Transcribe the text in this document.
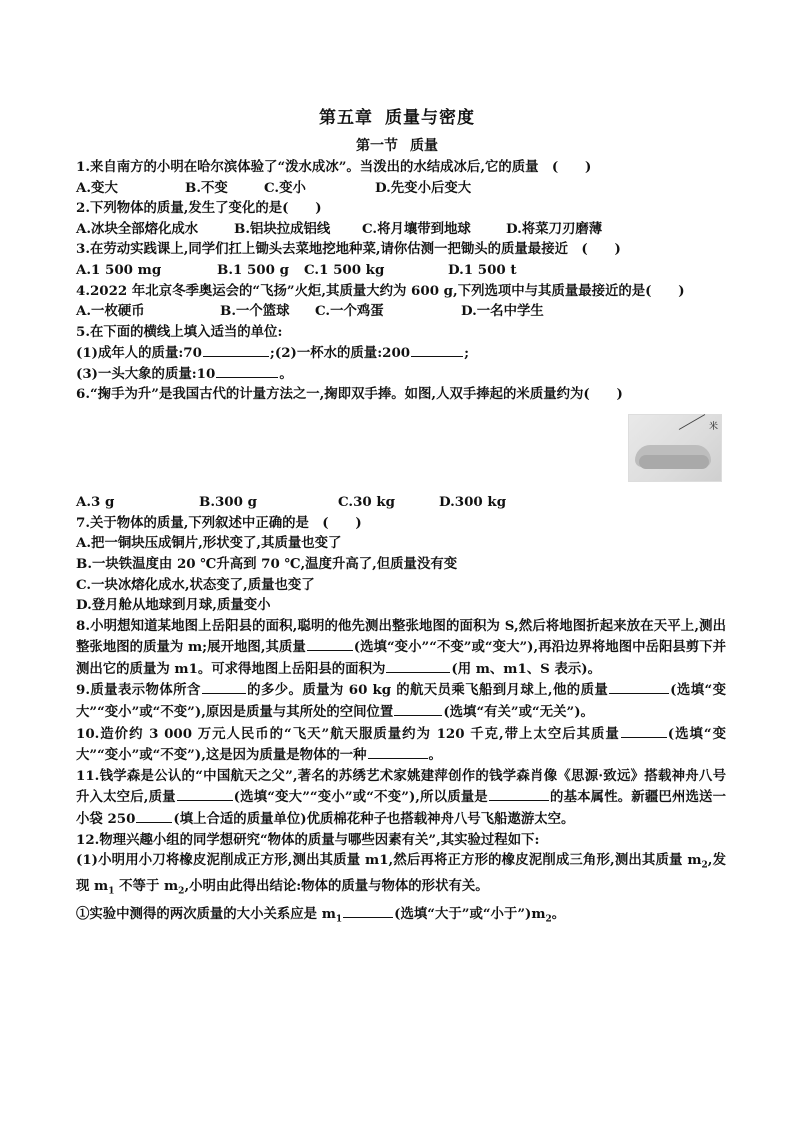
第五章 质量与密度
第一节 质量
1.来自南方的小明在哈尔滨体验了“泼水成冰”。当泼出的水结成冰后,它的质量　(　　)
A.变大	B.不变	C.变小	D.先变小后变大
2.下列物体的质量,发生了变化的是(　　)
A.冰块全部熔化成水	B.铝块拉成铝线 C.将月壤带到地球	D.将菜刀刃磨薄
3.在劳动实践课上,同学们扛上锄头去菜地挖地种菜,请你估测一把锄头的质量最接近　(　　)
A.1 500 mg	B.1 500 g C.1 500 kg	D.1 500 t
4.2022 年北京冬季奥运会的“飞扬”火炬,其质量大约为 600 g,下列选项中与其质量最接近的是(　　)
A.一枚硬币	B.一个篮球 C.一个鸡蛋	D.一名中学生
5.在下面的横线上填入适当的单位:
(1)成年人的质量:70	;(2)一杯水的质量:200	;
(3)一头大象的质量:10	。
6.“掬手为升”是我国古代的计量方法之一,掬即双手捧。如图,人双手捧起的米质量约为(　　)
米
A.3 g	B.300 g	C.30 kg	D.300 kg
7.关于物体的质量,下列叙述中正确的是　(　　)
A.把一铜块压成铜片,形状变了,其质量也变了
B.一块铁温度由 20 ℃升高到 70 ℃,温度升高了,但质量没有变
C.一块冰熔化成水,状态变了,质量也变了
D.登月舱从地球到月球,质量变小
8.小明想知道某地图上岳阳县的面积,聪明的他先测出整张地图的面积为 S,然后将地图折起来放在天平上,测出整张地图的质量为 m;展开地图,其质量	(选填“变小”“不变”或“变大”),再沿边界将地图中岳阳县剪下并测出它的质量为 m1。可求得地图上岳阳县的面积为	(用 m、m1、S 表示)。
9.质量表示物体所含	的多少。质量为 60 kg 的航天员乘飞船到月球上,他的质量	(选填“变大”“变小”或“不变”),原因是质量与其所处的空间位置	(选填“有关”或“无关”)。
10.造价约 3 000 万元人民币的“飞天”航天服质量约为 120 千克,带上太空后其质量	(选填“变大”“变小”或“不变”),这是因为质量是物体的一种	。
11.钱学森是公认的“中国航天之父”,著名的苏绣艺术家姚建萍创作的钱学森肖像《思源·致远》搭载神舟八号升入太空后,质量	(选填“变大”“变小”或“不变”),所以质量是	的基本属性。新疆巴州选送一小袋 250	(填上合适的质量单位)优质棉花种子也搭载神舟八号飞船遨游太空。
12.物理兴趣小组的同学想研究“物体的质量与哪些因素有关”,其实验过程如下:
(1)小明用小刀将橡皮泥削成正方形,测出其质量 m1,然后再将正方形的橡皮泥削成三角形,测出其质量 $m_2$,发现 $m_1$ 不等于 $m_2$,小明由此得出结论:物体的质量与物体的形状有关。
①实验中测得的两次质量的大小关系应是 $m_1$	(选填“大于”或“小于$”)m_2$。
